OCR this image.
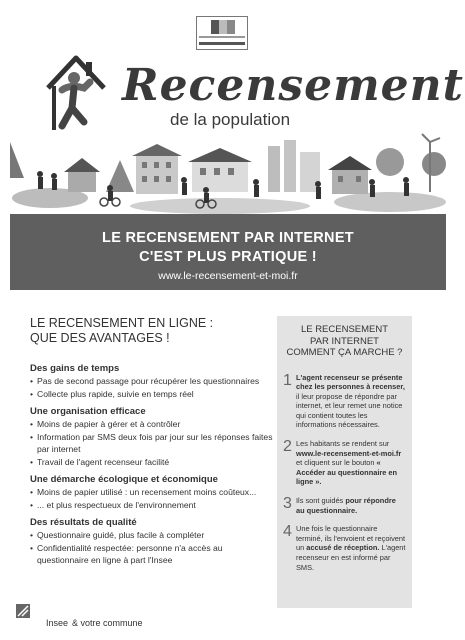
Recensement
de la population
LE RECENSEMENT PAR INTERNET
C'EST PLUS PRATIQUE !
www.le-recensement-et-moi.fr
LE RECENSEMENT EN LIGNE :
QUE DES AVANTAGES !
Des gains de temps
• Pas de second passage pour récupérer les questionnaires
• Collecte plus rapide, suivie en temps réel
Une organisation efficace
• Moins de papier à gérer et à contrôler
• Information par SMS deux fois par jour sur les réponses faites par internet
• Travail de l'agent recenseur facilité
Une démarche écologique et économique
• Moins de papier utilisé : un recensement moins coûteux...
• ... et plus respectueux de l'environnement
Des résultats de qualité
• Questionnaire guidé, plus facile à compléter
• Confidentialité respectée: personne n'a accès au questionnaire en ligne à part l'Insee
LE RECENSEMENT
PAR INTERNET
COMMENT ÇA MARCHE ?
1 L'agent recenseur se présente chez les personnes à recenser, il leur propose de répondre par internet, et leur remet une notice qui contient toutes les informations nécessaires.
2 Les habitants se rendent sur www.le-recensement-et-moi.fr et cliquent sur le bouton « Accéder au questionnaire en ligne ».
3 Ils sont guidés pour répondre au questionnaire.
4 Une fois le questionnaire terminé, ils l'envoient et reçoivent un accusé de réception. L'agent recenseur en est informé par SMS.
Insee & votre commune
